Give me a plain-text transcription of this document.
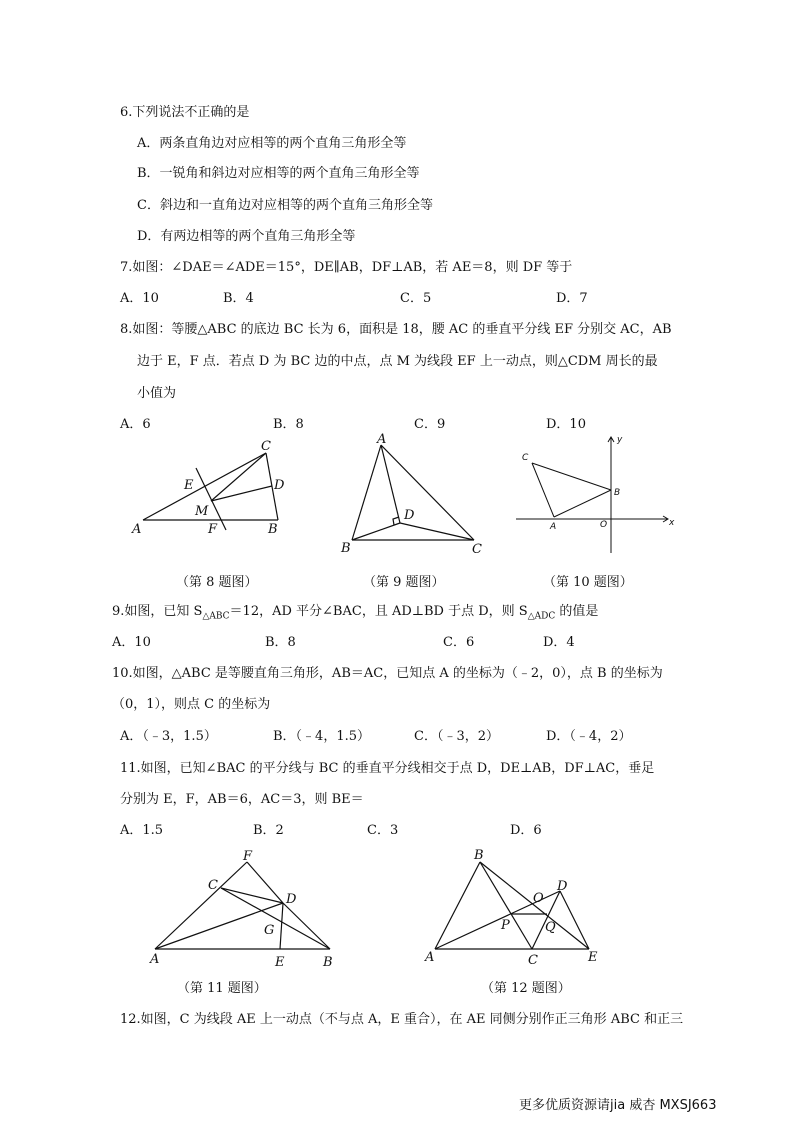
6.下列说法不正确的是
A．两条直角边对应相等的两个直角三角形全等
B．一锐角和斜边对应相等的两个直角三角形全等
C．斜边和一直角边对应相等的两个直角三角形全等
D．有两边相等的两个直角三角形全等
7.如图：∠DAE＝∠ADE＝15°，DE∥AB，DF⊥AB，若 AE＝8，则 DF 等于
A．10	B．4	C．5	D．7
8.如图：等腰△ABC 的底边 BC 长为 6，面积是 18，腰 AC 的垂直平分线 EF 分别交 AC，AB
边于 E，F 点．若点 D 为 BC 边的中点，点 M 为线段 EF 上一动点，则△CDM 周长的最
小值为
A．6	B．8	C．9	D．10
C
E	D
M
A	F	B
A
D
B	C
y
C
B
A	O	x
F
C
D
G
A	E	B
B
O
D
P	Q
A	C	E
（第 8 题图）	（第 9 题图）	（第 10 题图）
9.如图，已知 $S_{\triangle ABC}=12$，AD 平分∠BAC，且 AD⊥BD 于点 D，则 $S_{\triangle ADC}$ 的值是
A．10	B．8	C．6	D．4
10.如图，△ABC 是等腰直角三角形，AB＝AC，已知点 A 的坐标为（﹣2，0），点 B 的坐标为
（0，1），则点 C 的坐标为
A．（﹣3，1.5）	B．（﹣4，1.5）	C．（﹣3，2）	D．（﹣4，2）
11.如图，已知∠BAC 的平分线与 BC 的垂直平分线相交于点 D，DE⊥AB，DF⊥AC，垂足
分别为 E，F，AB＝6，AC＝3，则 BE＝
A．1.5	B．2	C．3	D．6
（第 11 题图）	（第 12 题图）
12.如图，C 为线段 AE 上一动点（不与点 A，E 重合），在 AE 同侧分别作正三角形 ABC 和正三
更多优质资源请jia 威杏 MXSJ663
